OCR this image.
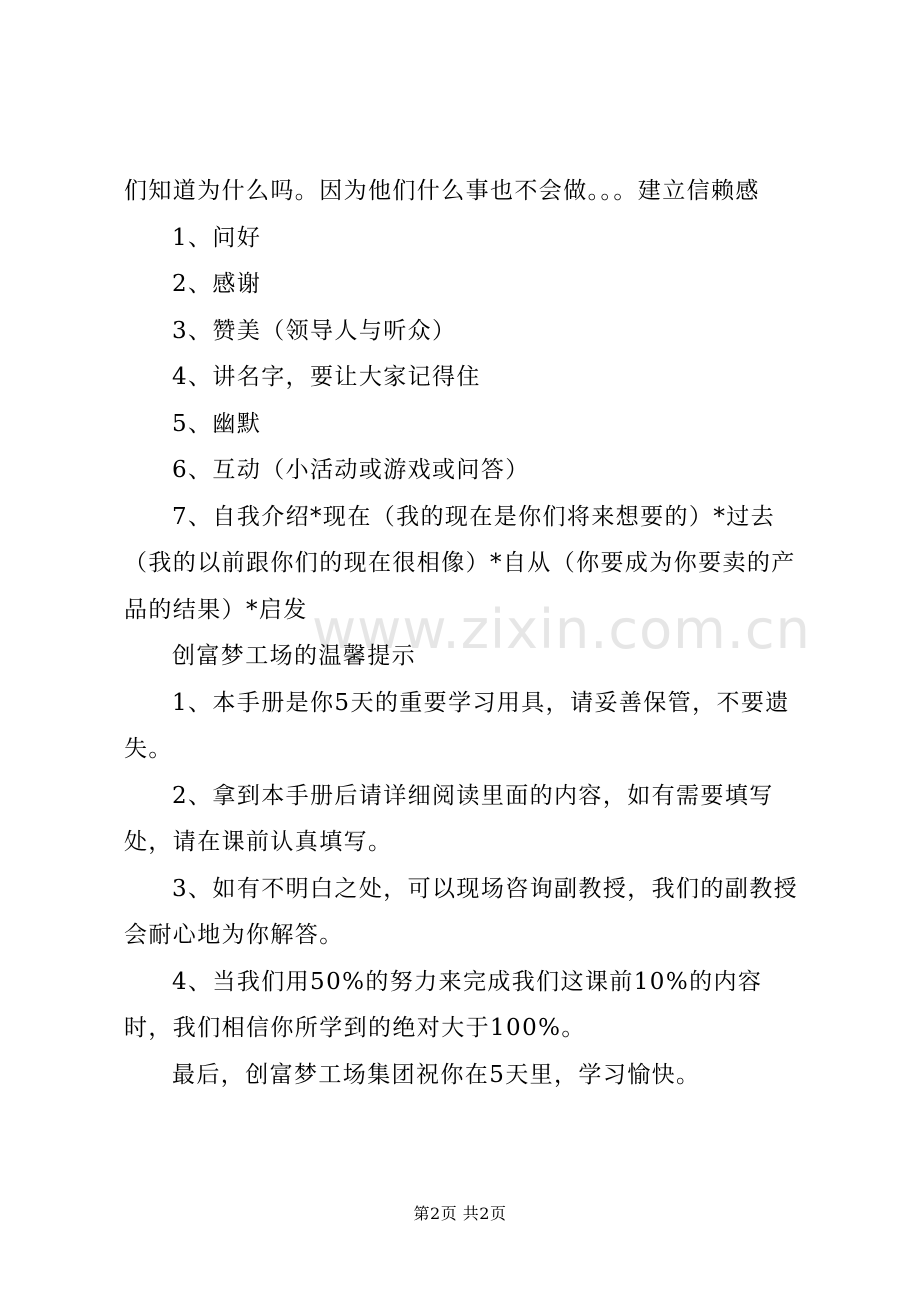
www.zixin.com.cn

们知道为什么吗。因为他们什么事也不会做。。。建立信赖感

1、问好

2、感谢

3、赞美（领导人与听众）

4、讲名字，要让大家记得住

5、幽默

6、互动（小活动或游戏或问答）

7、自我介绍*现在（我的现在是你们将来想要的）*过去（我的以前跟你们的现在很相像）*自从（你要成为你要卖的产品的结果）*启发

创富梦工场的温馨提示

1、本手册是你5天的重要学习用具，请妥善保管，不要遗失。

2、拿到本手册后请详细阅读里面的内容，如有需要填写处，请在课前认真填写。

3、如有不明白之处，可以现场咨询副教授，我们的副教授会耐心地为你解答。

4、当我们用50%的努力来完成我们这课前10%的内容时，我们相信你所学到的绝对大于100%。

最后，创富梦工场集团祝你在5天里，学习愉快。

第2页 共2页
